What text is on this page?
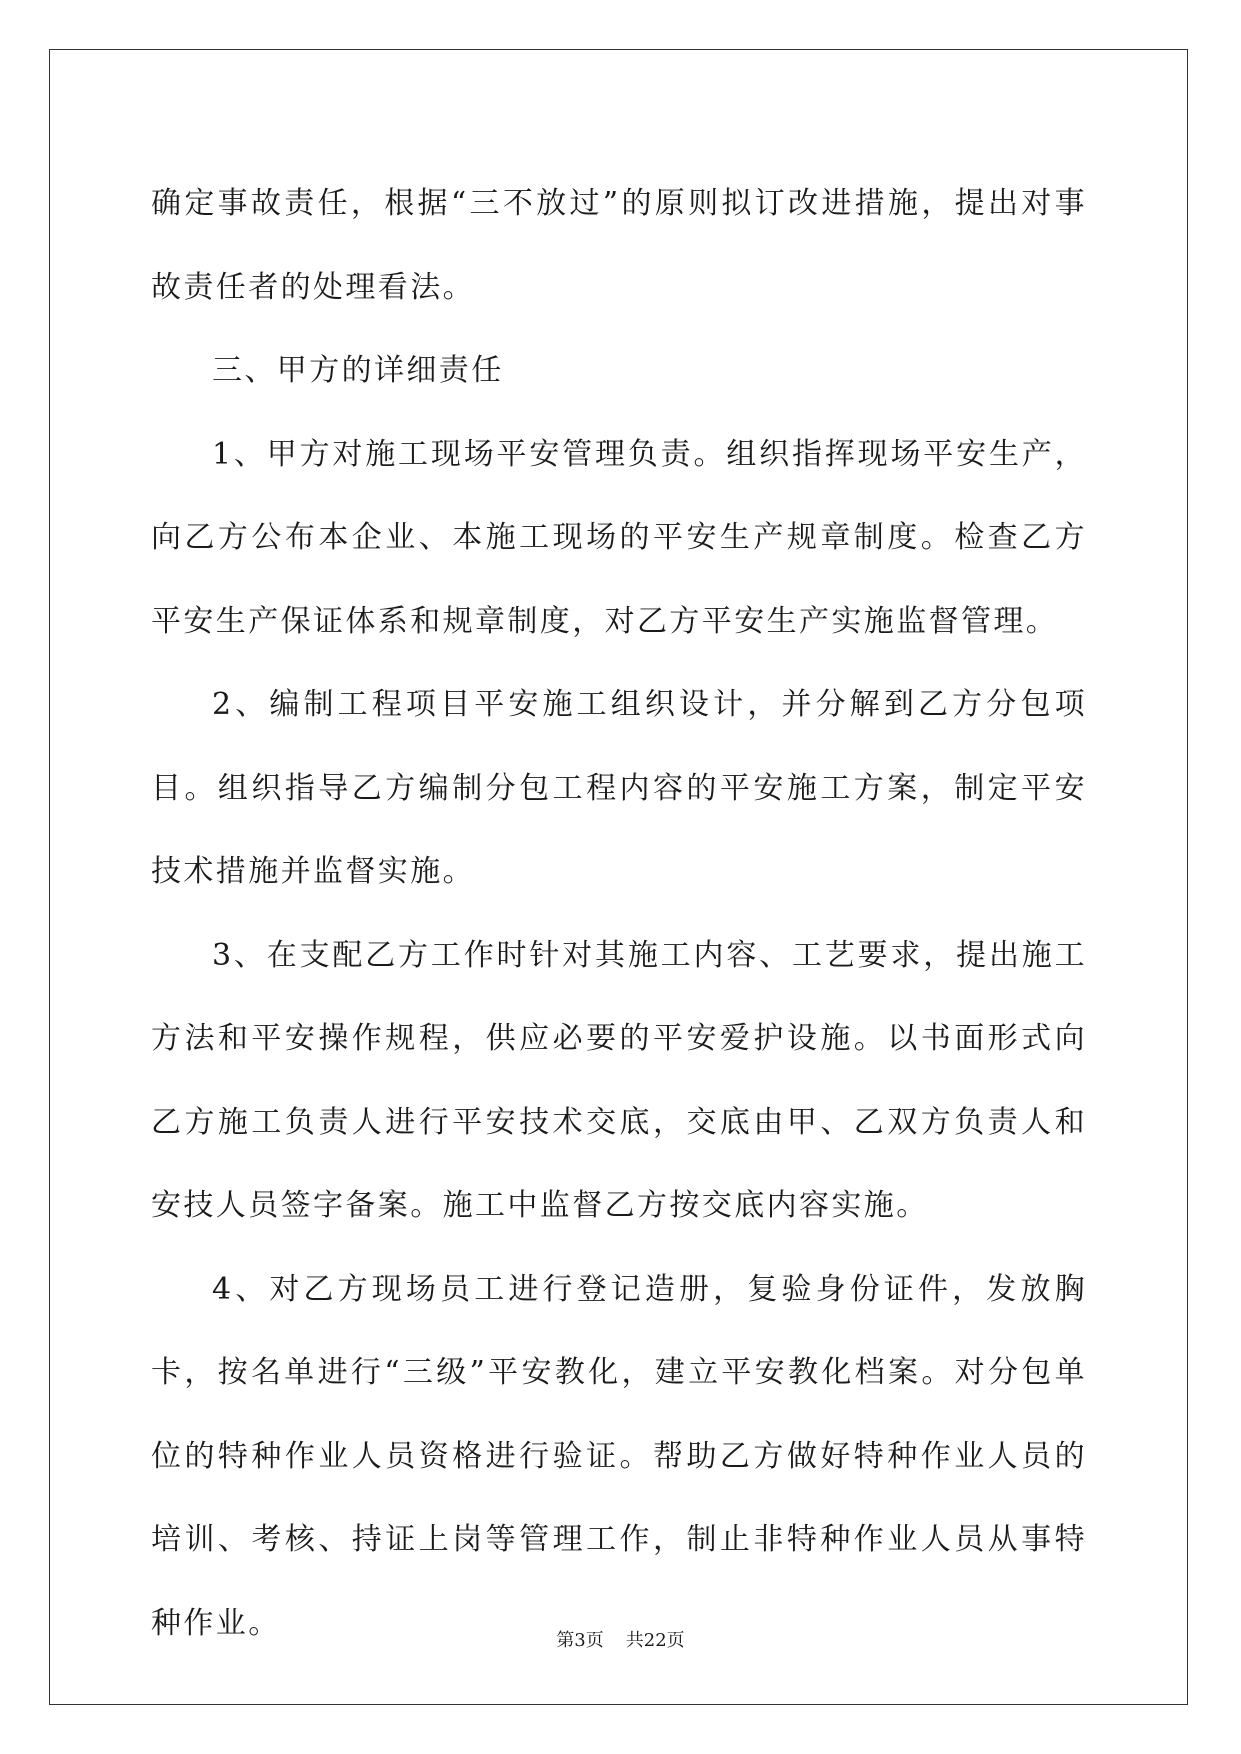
确定事故责任，根据“三不放过”的原则拟订改进措施，提出对事故责任者的处理看法。

三、甲方的详细责任

1、甲方对施工现场平安管理负责。组织指挥现场平安生产，向乙方公布本企业、本施工现场的平安生产规章制度。检查乙方平安生产保证体系和规章制度，对乙方平安生产实施监督管理。

2、编制工程项目平安施工组织设计，并分解到乙方分包项目。组织指导乙方编制分包工程内容的平安施工方案，制定平安技术措施并监督实施。

3、在支配乙方工作时针对其施工内容、工艺要求，提出施工方法和平安操作规程，供应必要的平安爱护设施。以书面形式向乙方施工负责人进行平安技术交底，交底由甲、乙双方负责人和安技人员签字备案。施工中监督乙方按交底内容实施。

4、对乙方现场员工进行登记造册，复验身份证件，发放胸卡，按名单进行“三级”平安教化，建立平安教化档案。对分包单位的特种作业人员资格进行验证。帮助乙方做好特种作业人员的培训、考核、持证上岗等管理工作，制止非特种作业人员从事特种作业。	第3页 共22页
